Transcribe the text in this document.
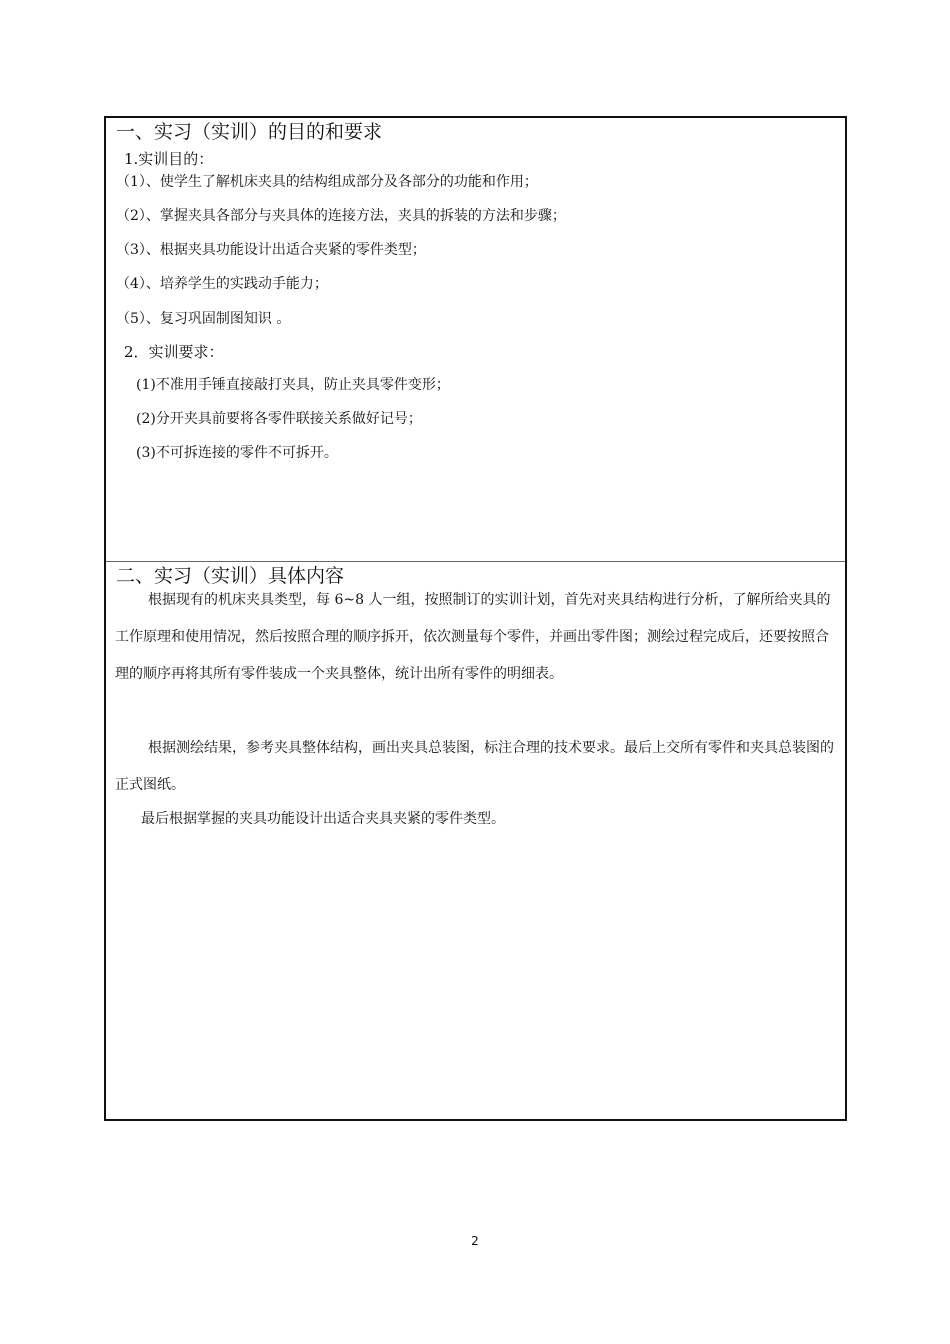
一、实习（实训）的目的和要求
1.实训目的：
（1）、使学生了解机床夹具的结构组成部分及各部分的功能和作用；
（2）、掌握夹具各部分与夹具体的连接方法，夹具的拆装的方法和步骤；
（3）、根据夹具功能设计出适合夹紧的零件类型；
（4）、培养学生的实践动手能力；
（5）、复习巩固制图知识 。
2．实训要求：
(1)不准用手锤直接敲打夹具，防止夹具零件变形；
(2)分开夹具前要将各零件联接关系做好记号；
(3)不可拆连接的零件不可拆开。
二、实习（实训）具体内容
根据现有的机床夹具类型，每 6~8 人一组，按照制订的实训计划，首先对夹具结构进行分析，了解所给夹具的工作原理和使用情况，然后按照合理的顺序拆开，依次测量每个零件，并画出零件图；测绘过程完成后，还要按照合理的顺序再将其所有零件装成一个夹具整体，统计出所有零件的明细表。
根据测绘结果，参考夹具整体结构，画出夹具总装图，标注合理的技术要求。最后上交所有零件和夹具总装图的正式图纸。
最后根据掌握的夹具功能设计出适合夹具夹紧的零件类型。
2
